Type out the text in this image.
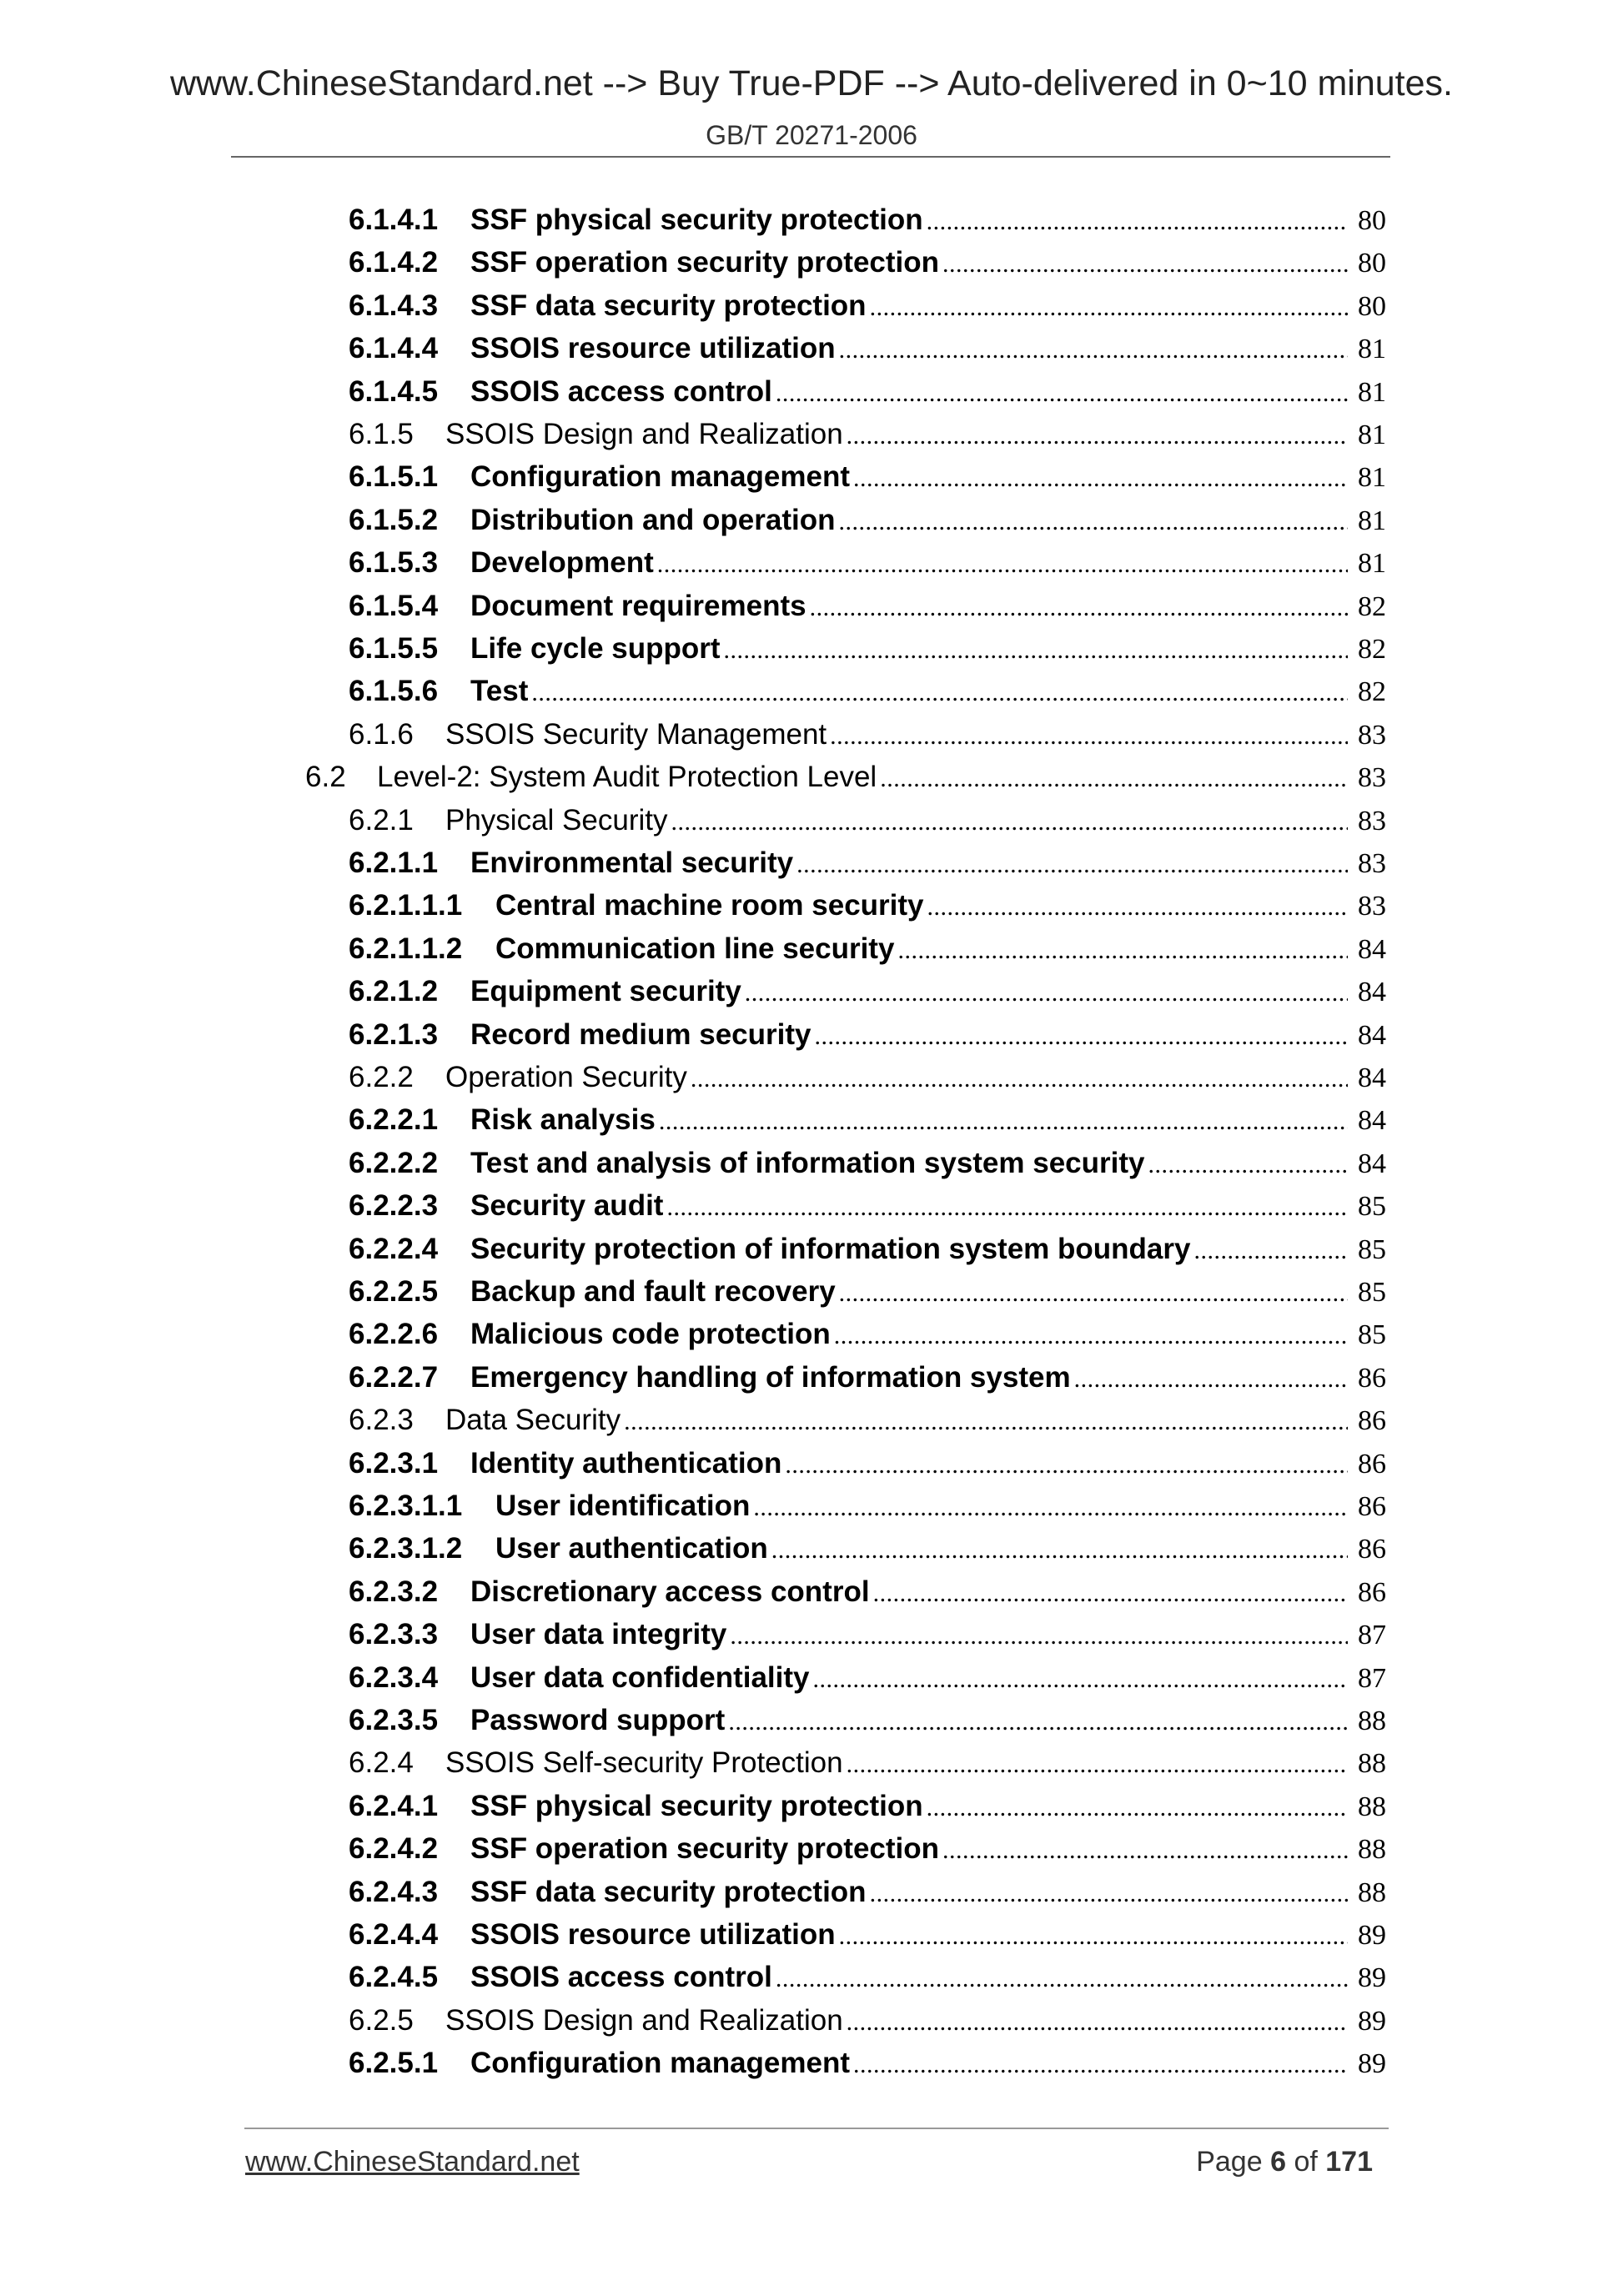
www.ChineseStandard.net --> Buy True-PDF --> Auto-delivered in 0~10 minutes.
GB/T 20271-2006
6.1.4.1	SSF physical security protection .....	80
6.1.4.2	SSF operation security protection .....	80
6.1.4.3	SSF data security protection .....	80
6.1.4.4	SSOIS resource utilization .....	81
6.1.4.5	SSOIS access control .....	81
6.1.5	SSOIS Design and Realization .....	81
6.1.5.1	Configuration management .....	81
6.1.5.2	Distribution and operation .....	81
6.1.5.3	Development .....	81
6.1.5.4	Document requirements .....	82
6.1.5.5	Life cycle support .....	82
6.1.5.6	Test .....	82
6.1.6	SSOIS Security Management .....	83
6.2	Level-2: System Audit Protection Level .....	83
6.2.1	Physical Security .....	83
6.2.1.1	Environmental security .....	83
6.2.1.1.1	Central machine room security .....	83
6.2.1.1.2	Communication line security .....	84
6.2.1.2	Equipment security .....	84
6.2.1.3	Record medium security .....	84
6.2.2	Operation Security .....	84
6.2.2.1	Risk analysis .....	84
6.2.2.2	Test and analysis of information system security .....	84
6.2.2.3	Security audit .....	85
6.2.2.4	Security protection of information system boundary .....	85
6.2.2.5	Backup and fault recovery .....	85
6.2.2.6	Malicious code protection .....	85
6.2.2.7	Emergency handling of information system .....	86
6.2.3	Data Security .....	86
6.2.3.1	Identity authentication .....	86
6.2.3.1.1	User identification .....	86
6.2.3.1.2	User authentication .....	86
6.2.3.2	Discretionary access control .....	86
6.2.3.3	User data integrity .....	87
6.2.3.4	User data confidentiality .....	87
6.2.3.5	Password support .....	88
6.2.4	SSOIS Self-security Protection .....	88
6.2.4.1	SSF physical security protection .....	88
6.2.4.2	SSF operation security protection .....	88
6.2.4.3	SSF data security protection .....	88
6.2.4.4	SSOIS resource utilization .....	89
6.2.4.5	SSOIS access control .....	89
6.2.5	SSOIS Design and Realization .....	89
6.2.5.1	Configuration management .....	89
www.ChineseStandard.net	Page 6 of 171
